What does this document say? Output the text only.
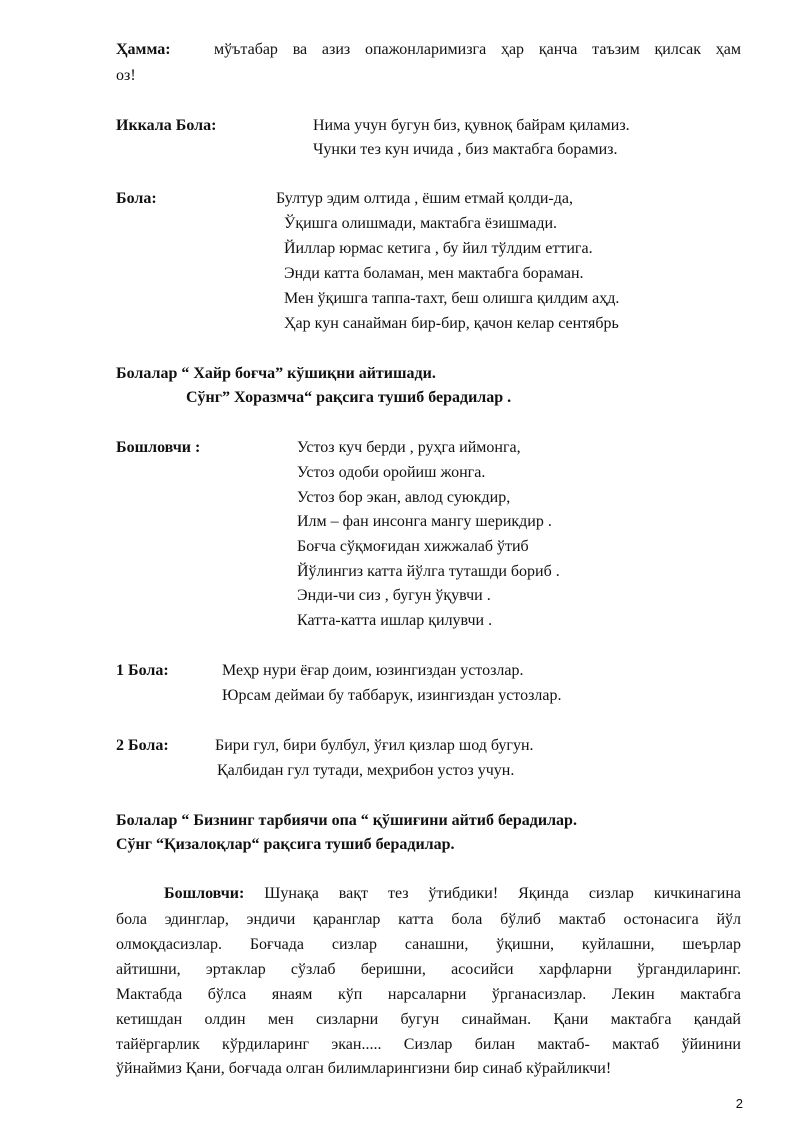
Ҳамма:	мўътабар ва азиз опажонларимизга ҳар қанча таъзим қилсак ҳам
оз!
Иккала Бола:	Нима учун бугун биз, қувноқ байрам қиламиз.
Чунки тез кун ичида , биз мактабга борамиз.
Бола:	Бултур эдим олтида , ёшим етмай қолди-да,
Ўқишга олишмади, мактабга ёзишмади.
Йиллар юрмас кетига , бу йил тўлдим еттига.
Энди катта боламан, мен мактабга бораман.
Мен ўқишга таппа-тахт, беш олишга қилдим аҳд.
Ҳар кун санайман бир-бир, қачон келар сентябрь
Болалар “ Хайр боғча” кўшиқни айтишади.
Сўнг” Хоразмча“ рақсига тушиб берадилар .
Бошловчи :	Устоз куч берди , руҳга иймонга,
Устоз одоби оройиш жонга.
Устоз бор экан, авлод суюкдир,
Илм – фан инсонга мангу шерикдир .
Боғча сўқмоғидан хижжалаб ўтиб
Йўлингиз катта йўлга туташди бориб .
Энди-чи сиз , бугун ўқувчи .
Катта-катта ишлар қилувчи .
1 Бола:	Меҳр нури ёғар доим, юзингиздан устозлар.
Юрсам деймаи бу таббарук, изингиздан устозлар.
2 Бола:	Бири гул, бири булбул, ўғил қизлар шод бугун.
Қалбидан гул тутади, меҳрибон устоз учун.
Болалар “ Бизнинг тарбиячи опа “ қўшиғини айтиб берадилар.
Сўнг “Қизалоқлар“ рақсига тушиб берадилар.
Бошловчи: Шунақа вақт тез ўтибдики! Яқинда сизлар кичкинагина
бола эдинглар, эндичи қаранглар катта бола бўлиб мактаб остонасига йўл
олмоқдасизлар. Боғчада сизлар санашни, ўқишни, куйлашни, шеърлар
айтишни, эртаклар сўзлаб беришни, асосийси харфларни ўргандиларинг.
Мактабда бўлса янаям кўп нарсаларни ўрганасизлар. Лекин мактабга
кетишдан олдин мен сизларни бугун синайман. Қани мактабга қандай
тайёргарлик кўрдиларинг экан..... Сизлар билан мактаб- мактаб ўйинини
ўйнаймиз Қани, боғчада олган билимларингизни бир синаб кўрайликчи!
2
